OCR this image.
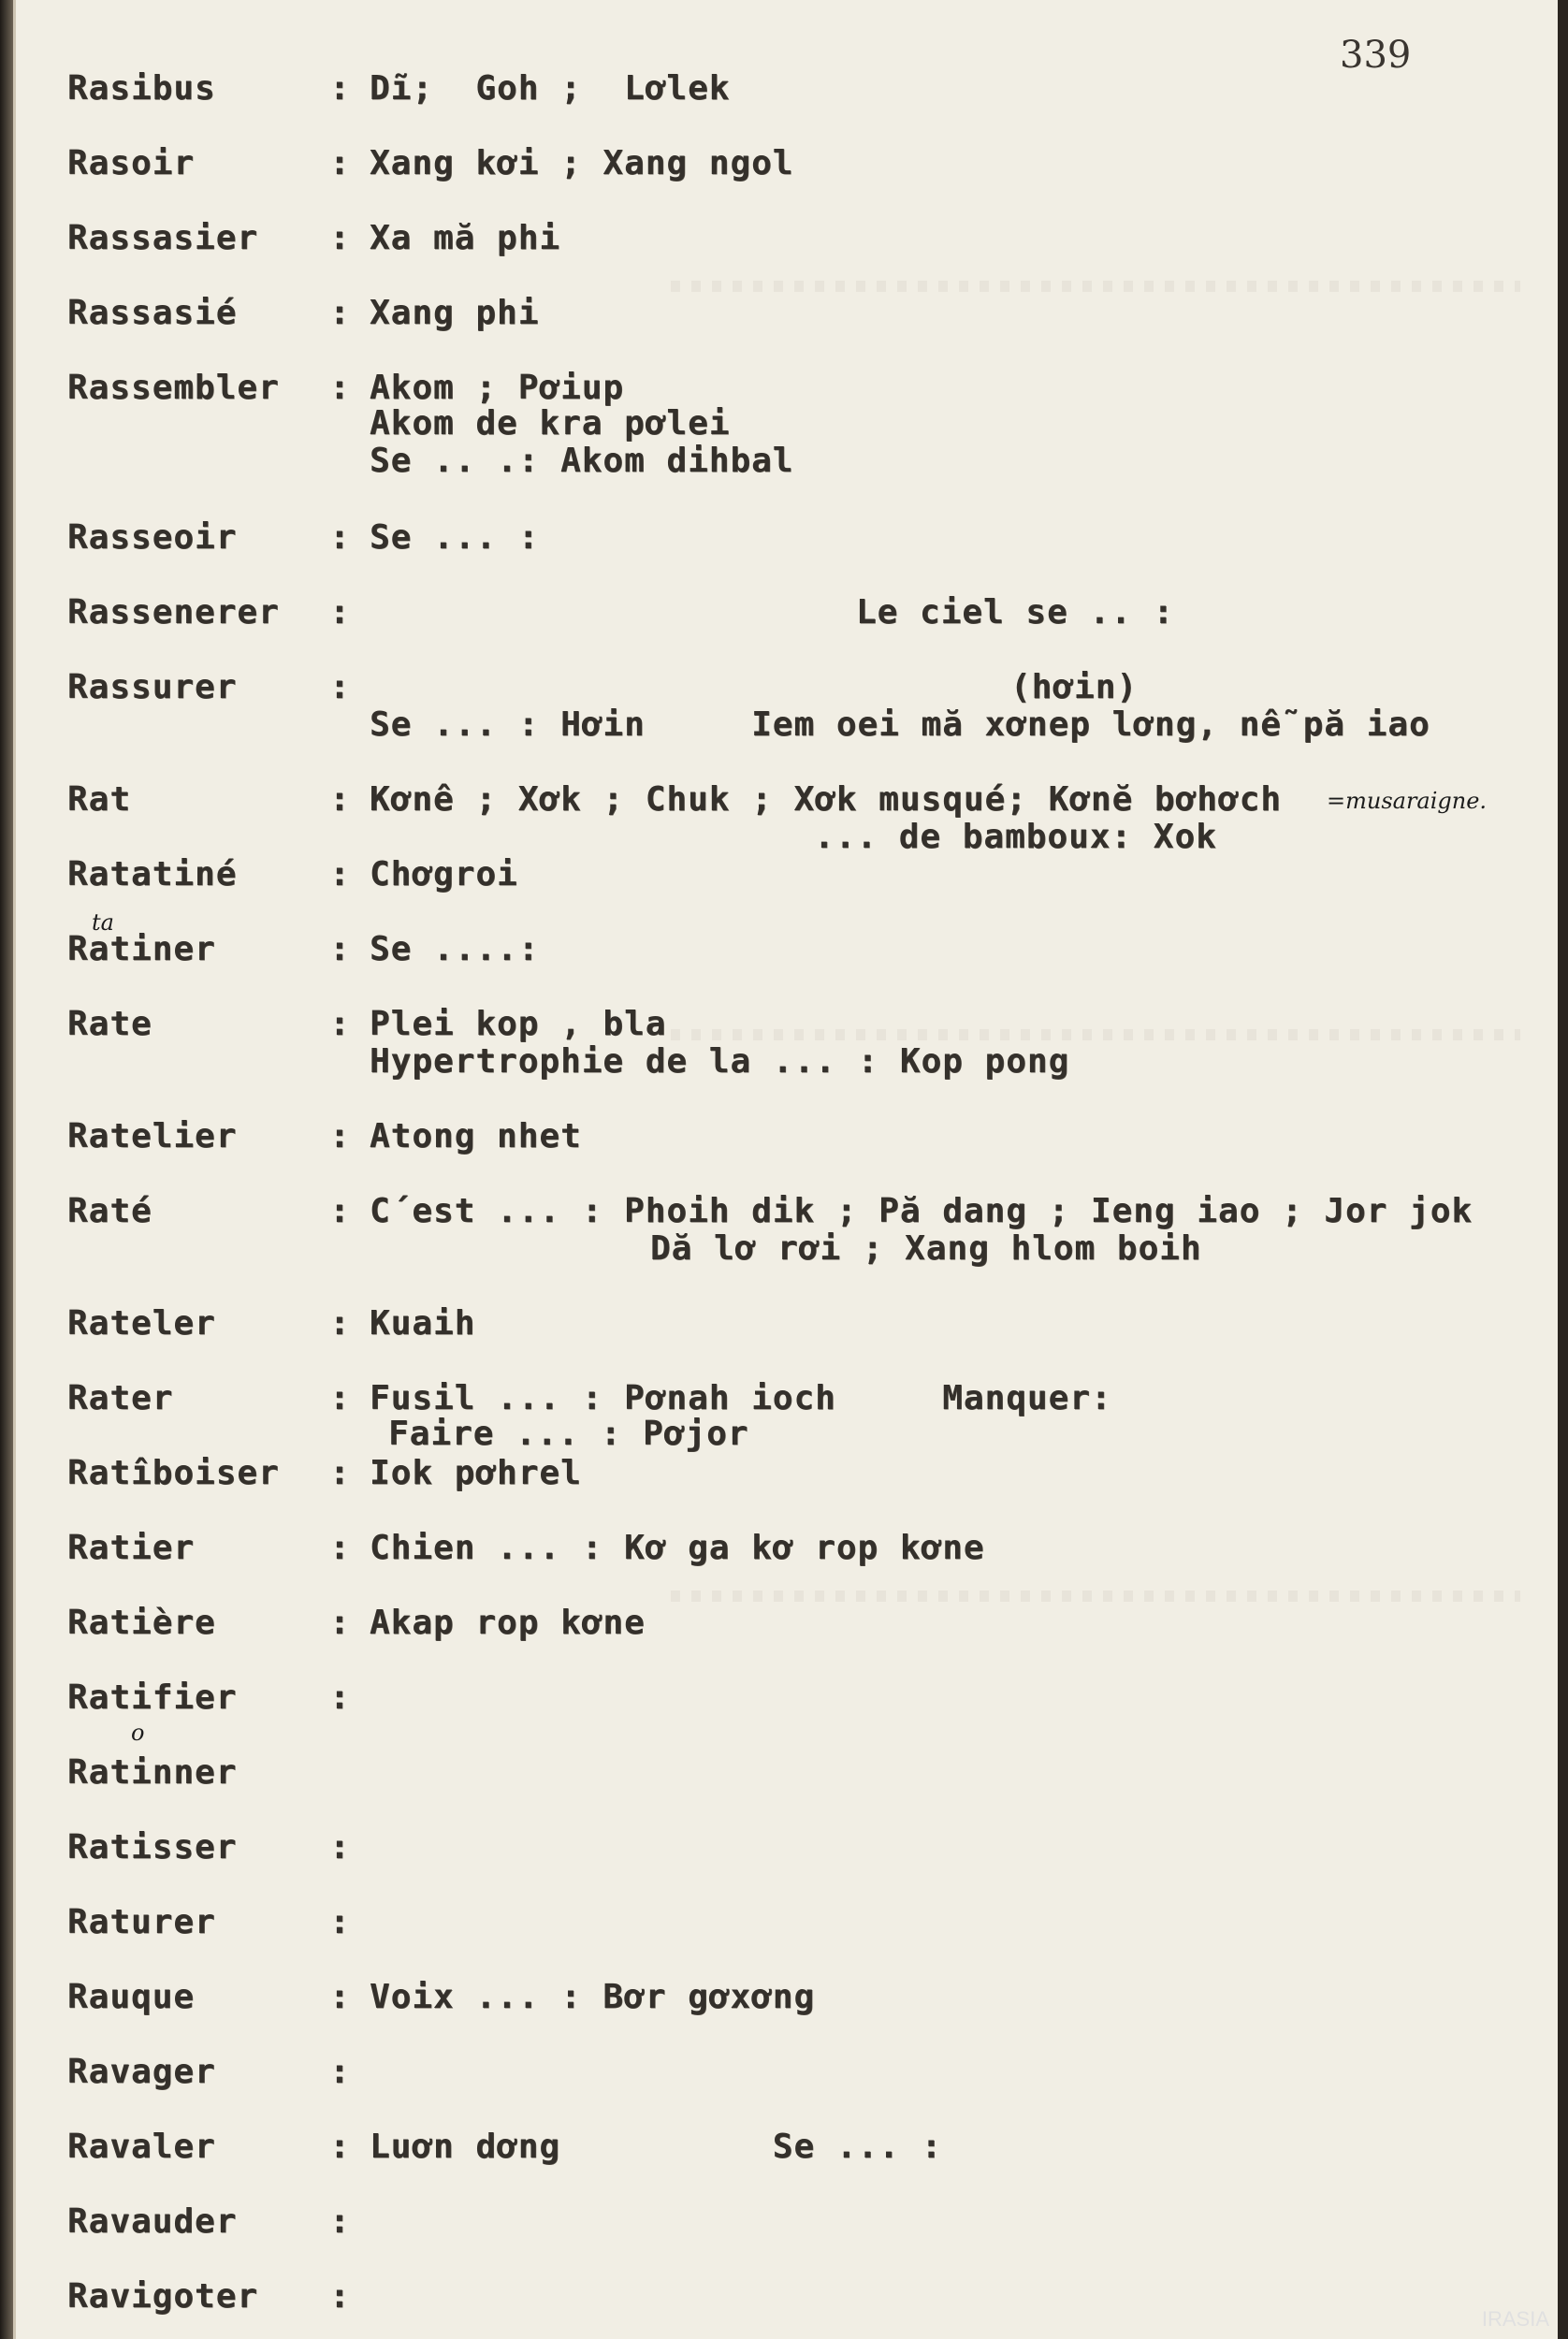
339
Rasibus	: Dĩ;  Goh ;  Lơlek
Rasoir	: Xang kơi ; Xang ngol
Rassasier : Xa mă phi
Rassasié	: Xang phi
Rassembler : Akom ; Pơiup
Akom de kra pơlei
Se .. .: Akom dihbal
Rasseoir	: Se ... :
Rassenerer :	Le ciel se .. :
Rassurer	:	(hơin)
Se ... : Hơin     Iem oei mă xơnep lơng, nễ pă iao
Rat	: Kơnê ; Xơk ; Chuk ; Xơk musqué; Kơnĕ bơhơch
... de bamboux: Xok
=musaraigne.
Ratatiné	: Chơgroi
Ratiner	: Se ....:
ta
Rate	: Plei kop , bla
Hypertrophie de la ... : Kop pong
Ratelier	: Atong nhet
Raté	: C´est ... : Phoih dik ; Pă dang ; Ieng iao ; Jor jok
Dă lơ rơi ; Xang hlom boih
Rateler	: Kuaih
Rater	: Fusil ... : Pơnah ioch     Manquer:
Faire ... : Pơjor
Ratîboiser : Iok pơhrel
Ratier	: Chien ... : Kơ ga kơ rop kơne
Ratière	: Akap rop kơne
Ratifier	:
Ratinner
o
Ratisser	:
Raturer	:
Rauque	: Voix ... : Bơr gơxơng
Ravager	:
Ravaler	: Luơn dơng          Se ... :
Ravauder	:
Ravigoter :
IRASIA
